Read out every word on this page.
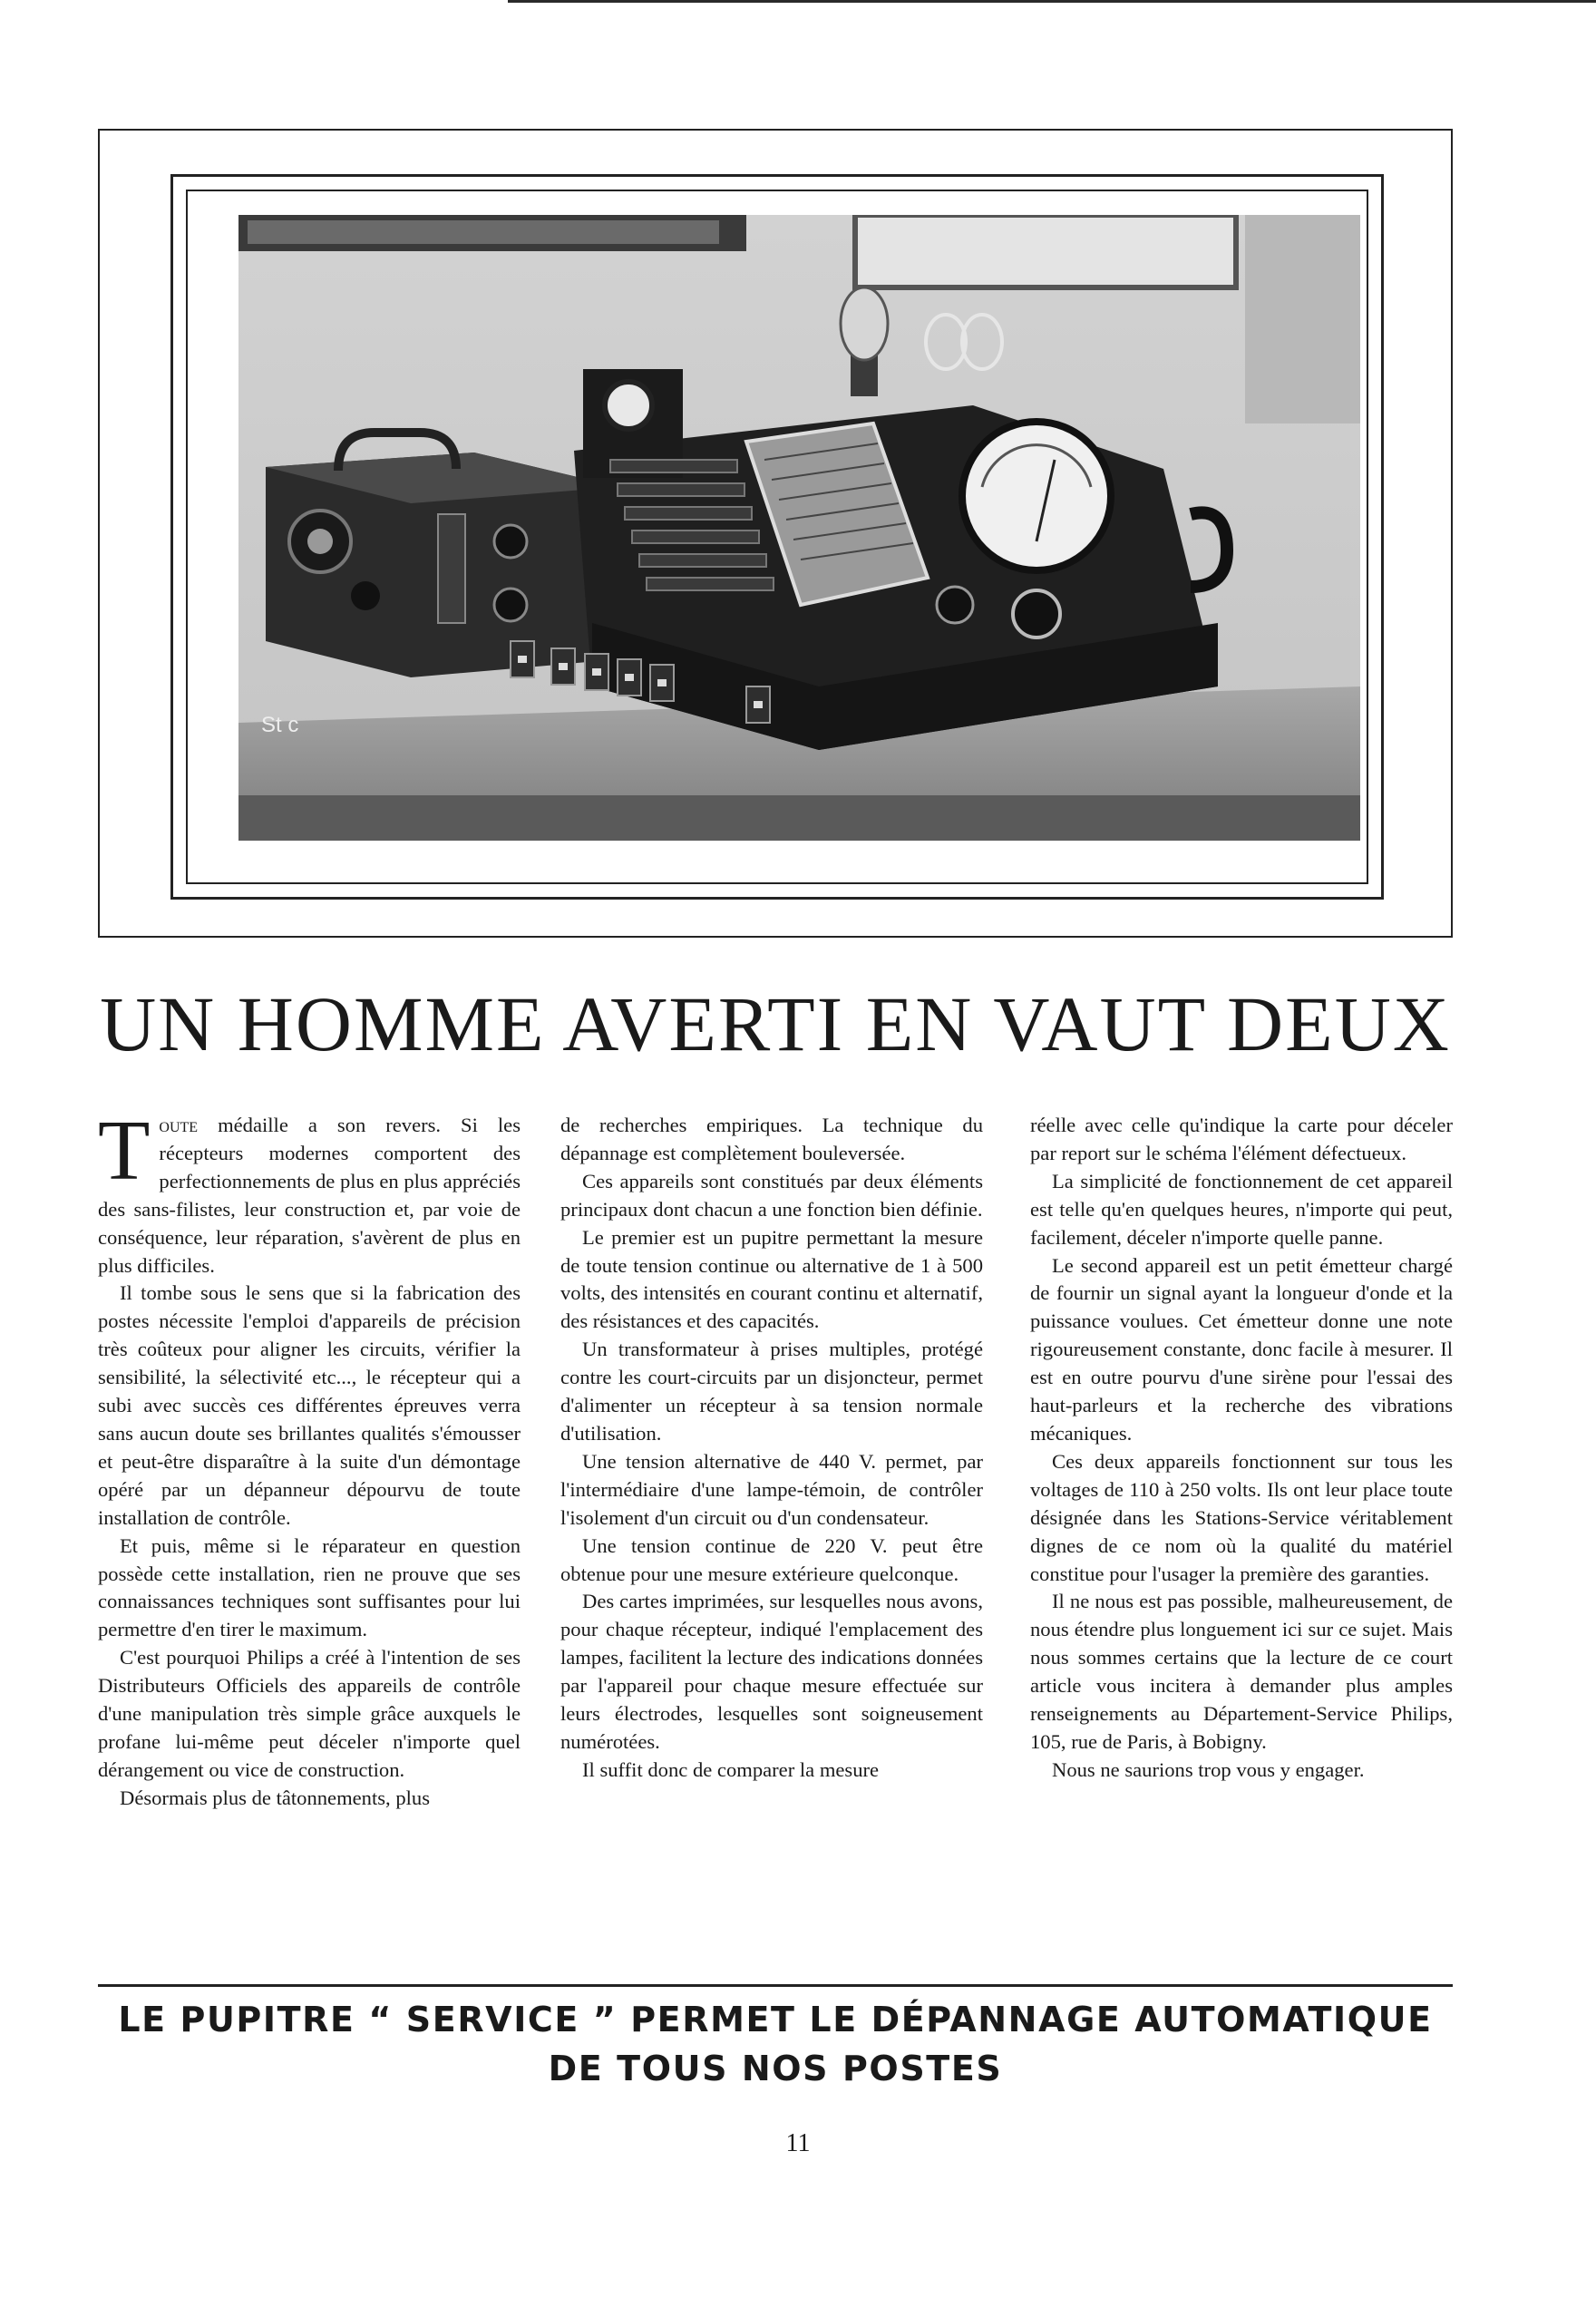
St c
UN HOMME AVERTI EN VAUT DEUX

Toute médaille a son revers. Si les récepteurs modernes comportent des perfectionnements de plus en plus appréciés des sans-filistes, leur construction et, par voie de conséquence, leur réparation, s'avèrent de plus en plus difficiles.

Il tombe sous le sens que si la fabrication des postes nécessite l'emploi d'appareils de précision très coûteux pour aligner les circuits, vérifier la sensibilité, la sélectivité etc..., le récepteur qui a subi avec succès ces différentes épreuves verra sans aucun doute ses brillantes qualités s'émousser et peut-être disparaître à la suite d'un démontage opéré par un dépanneur dépourvu de toute installation de contrôle.

Et puis, même si le réparateur en question possède cette installation, rien ne prouve que ses connaissances techniques sont suffisantes pour lui permettre d'en tirer le maximum.

C'est pourquoi Philips a créé à l'intention de ses Distributeurs Officiels des appareils de contrôle d'une manipulation très simple grâce auxquels le profane lui-même peut déceler n'importe quel dérangement ou vice de construction.

Désormais plus de tâtonnements, plus

de recherches empiriques. La technique du dépannage est complètement bouleversée.

Ces appareils sont constitués par deux éléments principaux dont chacun a une fonction bien définie.

Le premier est un pupitre permettant la mesure de toute tension continue ou alternative de 1 à 500 volts, des intensités en courant continu et alternatif, des résistances et des capacités.

Un transformateur à prises multiples, protégé contre les court-circuits par un disjoncteur, permet d'alimenter un récepteur à sa tension normale d'utilisation.

Une tension alternative de 440 V. permet, par l'intermédiaire d'une lampe-témoin, de contrôler l'isolement d'un circuit ou d'un condensateur.

Une tension continue de 220 V. peut être obtenue pour une mesure extérieure quelconque.

Des cartes imprimées, sur lesquelles nous avons, pour chaque récepteur, indiqué l'emplacement des lampes, facilitent la lecture des indications données par l'appareil pour chaque mesure effectuée sur leurs électrodes, lesquelles sont soigneusement numérotées.

Il suffit donc de comparer la mesure

réelle avec celle qu'indique la carte pour déceler par report sur le schéma l'élément défectueux.

La simplicité de fonctionnement de cet appareil est telle qu'en quelques heures, n'importe qui peut, facilement, déceler n'importe quelle panne.

Le second appareil est un petit émetteur chargé de fournir un signal ayant la longueur d'onde et la puissance voulues. Cet émetteur donne une note rigoureusement constante, donc facile à mesurer. Il est en outre pourvu d'une sirène pour l'essai des haut-parleurs et la recherche des vibrations mécaniques.

Ces deux appareils fonctionnent sur tous les voltages de 110 à 250 volts. Ils ont leur place toute désignée dans les Stations-Service véritablement dignes de ce nom où la qualité du matériel constitue pour l'usager la première des garanties.

Il ne nous est pas possible, malheureusement, de nous étendre plus longuement ici sur ce sujet. Mais nous sommes certains que la lecture de ce court article vous incitera à demander plus amples renseignements au Département-Service Philips, 105, rue de Paris, à Bobigny.

Nous ne saurions trop vous y engager.

LE PUPITRE “ SERVICE ” PERMET LE DÉPANNAGE AUTOMATIQUE

DE TOUS NOS POSTES

11
